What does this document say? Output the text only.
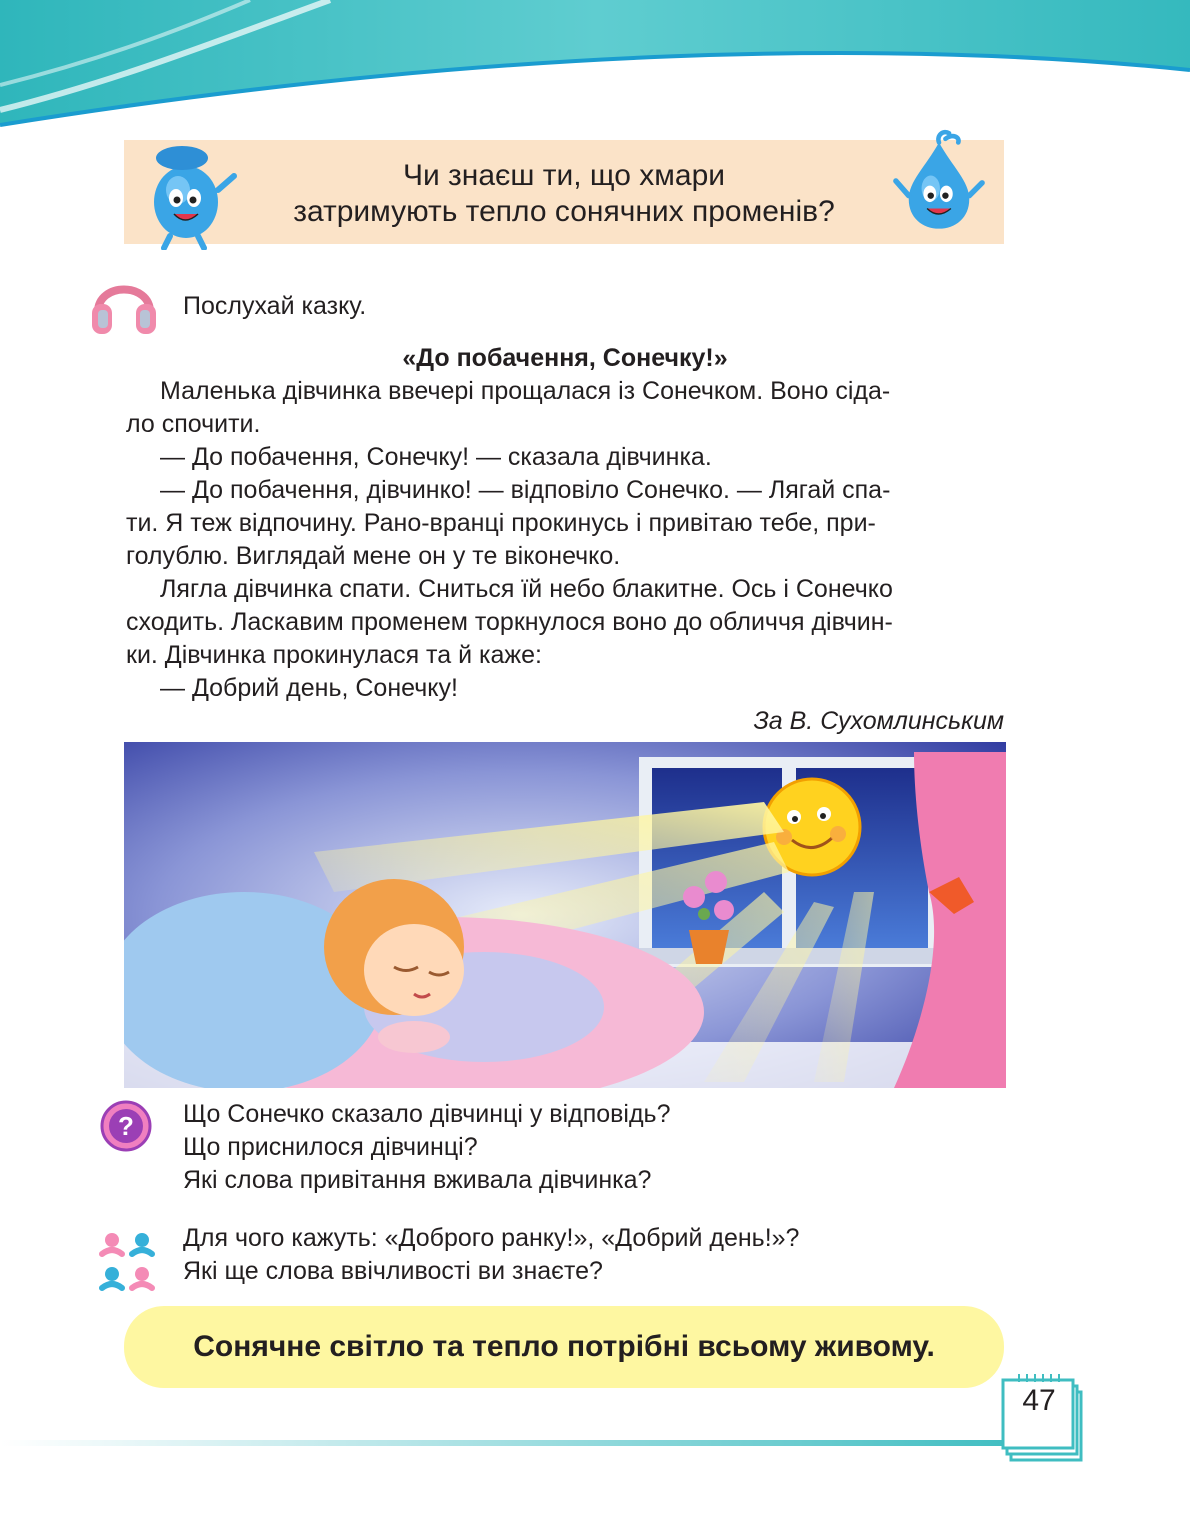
Чи знаєш ти, що хмари
затримують тепло сонячних променів?
Послухай казку.
«До побачення, Сонечку!»
Маленька дівчинка ввечері прощалася із Сонечком. Воно сіда-
ло спочити.
— До побачення, Сонечку! — сказала дівчинка.
— До побачення, дівчинко! — відповіло Сонечко. — Лягай спа-
ти. Я теж відпочину. Рано-вранці прокинусь і привітаю тебе, при-
голублю. Виглядай мене он у те віконечко.
Лягла дівчинка спати. Сниться їй небо блакитне. Ось і Сонечко
сходить. Ласкавим променем торкнулося воно до обличчя дівчин-
ки. Дівчинка прокинулася та й каже:
— Добрий день, Сонечку!
За В. Сухомлинським
? Що Сонечко сказало дівчинці у відповідь?
Що приснилося дівчинці?
Які слова привітання вживала дівчинка?
Для чого кажуть: «Доброго ранку!», «Добрий день!»?
Які ще слова ввічливості ви знаєте?
Сонячне світло та тепло потрібні всьому живому.
47
